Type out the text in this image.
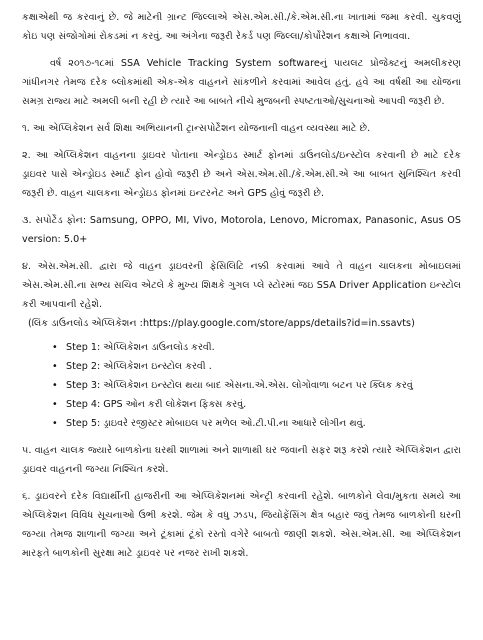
કક્ષાએથી જ કરવાનું છે. જે માટેની ગ્રાન્ટ જિલ્લાએ એસ.એમ.સી./કે.એમ.સી.ના ખાતામાં જમા કરવી. ચુકવણું કોઇ પણ સંજોગોમાં રોકડમાં ન કરવું. આ અંગેના જરૂરી રેકર્ડ પણ જિલ્લા/કોર્પોરેશન કક્ષાએ નિભાવવા.

વર્ષ ૨૦૧૭-૧૮માં SSA Vehicle Tracking System softwareનું પાયલટ પ્રોજેક્ટનું અમલીકરણ ગાંધીનગર તેમજ દરેક બ્લોકમાંથી એક-એક વાહનને સાંકળીને કરવામાં આવેલ હતું. હવે આ વર્ષથી આ યોજના સમગ્ર રાજ્ય માટે અમલી બની રહી છે ત્યારે આ બાબતે નીચે મુજબની સ્પષ્ટતાઓ/સુચનાઓ આપવી જરૂરી છે.

૧. આ એપ્લિકેશન સર્વ શિક્ષા અભિયાનની ટ્રાન્સપોર્ટેશન યોજનાની વાહન વ્યવસ્થા માટે છે.

૨. આ એપ્લિકેશન વાહનના ડ્રાઇવર પોતાના એન્ડ્રોઇડ સ્માર્ટ ફોનમાં ડાઉનલોડ/ઇન્સ્ટોલ કરવાની છે માટે દરેક ડ્રાઇવર પાસે એન્ડ્રોઇડ સ્માર્ટ ફોન હોવો જરૂરી છે અને એસ.એમ.સી./કે.એમ.સી.એ આ બાબત સુનિશ્ચિત કરવી જરૂરી છે. વાહન ચાલકના એન્ડ્રોઇડ ફોનમાં ઇન્ટરનેટ અને GPS હોવું જરૂરી છે.

૩. સપોર્ટેડ ફોન: Samsung, OPPO, MI, Vivo, Motorola, Lenovo, Micromax, Panasonic, Asus OS version: 5.0+

૪. એસ.એમ.સી. દ્વારા જે વાહન ડ્રાઇવરની ફેસિલિટિ નક્કી કરવામાં આવે તે વાહન ચાલકના મોબાઇલમાં એસ.એમ.સી.ના સભ્ય સચિવ એટલે કે મુખ્ય શિક્ષકે ગુગલ પ્લે સ્ટોરમાં જઇ SSA Driver Application ઇન્સ્ટોલ કરી આપવાની રહેશે.

(લિંક ડાઉનલોડ એપ્લિકેશન :https://play.google.com/store/apps/details?id=in.ssavts)

• Step 1: એપ્લિકેશન ડાઉનલોડ કરવી.
• Step 2: એપ્લિકેશન ઇન્સ્ટોલ કરવી .
• Step 3: એપ્લિકેશન ઇન્સ્ટોલ થયા બાદ એસના.એ.એસ. લોગોવાળા બટન પર ક્લિક કરવું
• Step 4: GPS ઓન કરી લોકેશન ફિક્સ કરવું.
• Step 5: ડ્રાઇવરે રજીસ્ટર મોબાઇલ પર મળેલ ઓ.ટી.પી.ના આધારે લોગીન થવું.

૫. વાહન ચાલક જ્યારે બાળકોના ઘરથી શાળામાં અને શાળાથી ઘર જવાની સફર શરૂ કરશે ત્યારે એપ્લિકેશન દ્વારા ડ્રાઇવર વાહનની જગ્યા નિશ્ચિત કરશે.

૬. ડ્રાઇવરને દરેક વિદ્યાર્થીની હાજરીની આ એપ્લિકેશનમાં એન્ટ્રી કરવાની રહેશે. બાળકોને લેવા/મુકતા સમયે આ એપ્લિકેશન વિવિધ સૂચનાઓ ઉભી કરશે. જેમ કે વધુ ઝડપ, જિયોફેંસિંગ ક્ષેત્ર બહાર જવું તેમજ બાળકોની ઘરની જગ્યા તેમજ શાળાની જગ્યા અને ટૂંકામાં ટૂંકો રસ્તો વગેરે બાબતો જાણી શકશે. એસ.એમ.સી. આ એપ્લિકેશન મારફતે બાળકોની સુરક્ષા માટે ડ્રાઇવર પર નજર રાખી શકશે.
